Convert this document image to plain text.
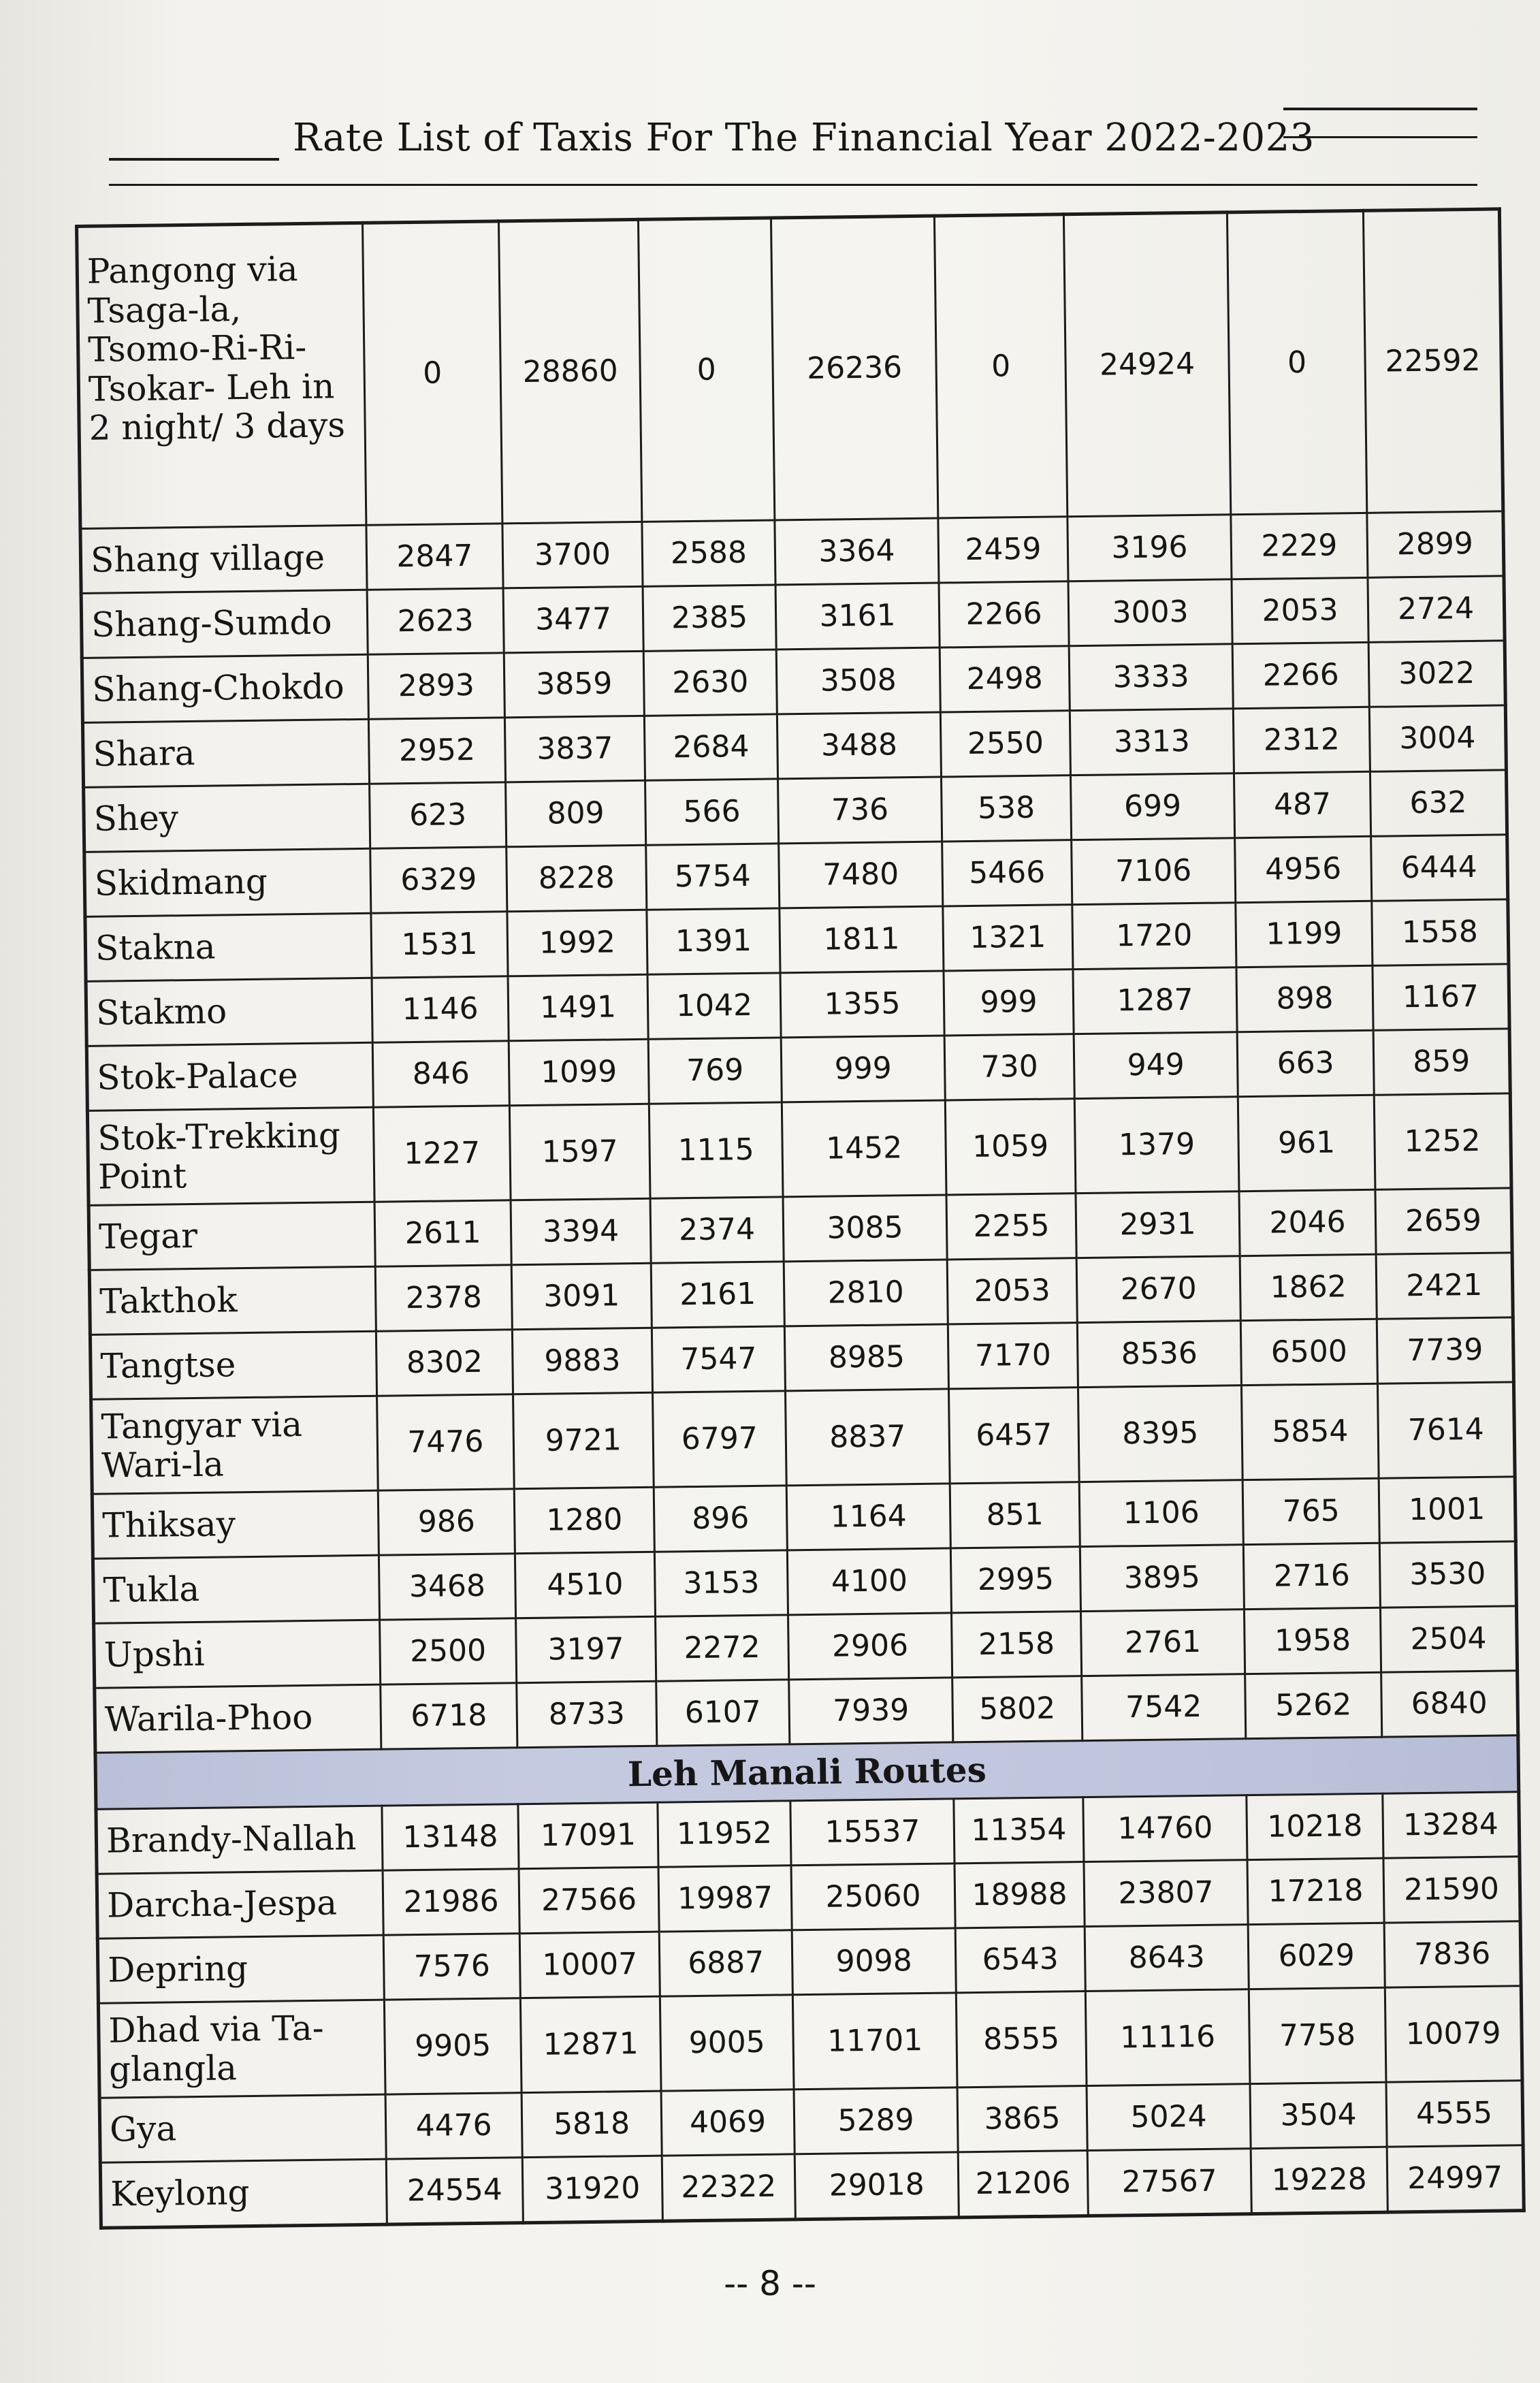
Rate List of Taxis For The Financial Year 2022-2023
Pangong via Tsaga-la, Tsomo-Ri-Ri-Tsokar- Leh in 2 night/ 3 days	0	28860	0	26236	0	24924	0	22592
Shang village	2847	3700	2588	3364	2459	3196	2229	2899
Shang-Sumdo	2623	3477	2385	3161	2266	3003	2053	2724
Shang-Chokdo	2893	3859	2630	3508	2498	3333	2266	3022
Shara	2952	3837	2684	3488	2550	3313	2312	3004
Shey	623	809	566	736	538	699	487	632
Skidmang	6329	8228	5754	7480	5466	7106	4956	6444
Stakna	1531	1992	1391	1811	1321	1720	1199	1558
Stakmo	1146	1491	1042	1355	999	1287	898	1167
Stok-Palace	846	1099	769	999	730	949	663	859
Stok-Trekking Point	1227	1597	1115	1452	1059	1379	961	1252
Tegar	2611	3394	2374	3085	2255	2931	2046	2659
Takthok	2378	3091	2161	2810	2053	2670	1862	2421
Tangtse	8302	9883	7547	8985	7170	8536	6500	7739
Tangyar via Wari-la	7476	9721	6797	8837	6457	8395	5854	7614
Thiksay	986	1280	896	1164	851	1106	765	1001
Tukla	3468	4510	3153	4100	2995	3895	2716	3530
Upshi	2500	3197	2272	2906	2158	2761	1958	2504
Warila-Phoo	6718	8733	6107	7939	5802	7542	5262	6840
Leh Manali Routes								
Brandy-Nallah	13148	17091	11952	15537	11354	14760	10218	13284
Darcha-Jespa	21986	27566	19987	25060	18988	23807	17218	21590
Depring	7576	10007	6887	9098	6543	8643	6029	7836
Dhad via Ta-glangla	9905	12871	9005	11701	8555	11116	7758	10079
Gya	4476	5818	4069	5289	3865	5024	3504	4555
Keylong	24554	31920	22322	29018	21206	27567	19228	24997
-- 8 --
